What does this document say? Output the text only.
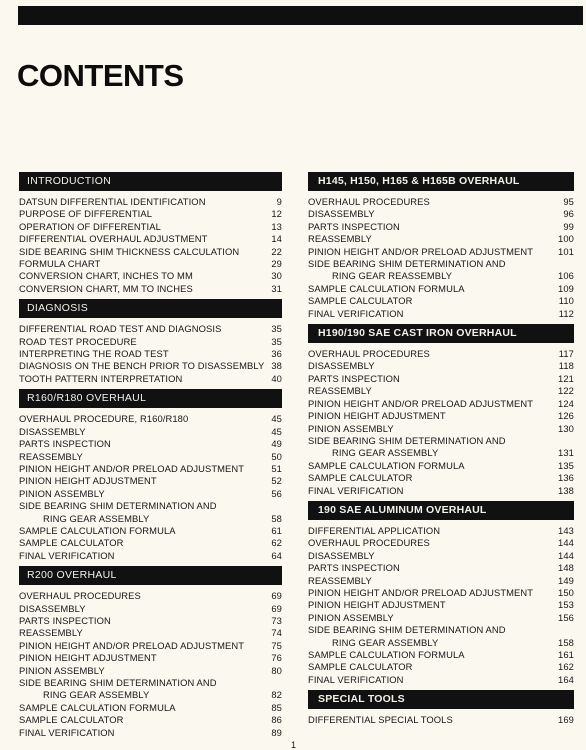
CONTENTS
INTRODUCTION
DATSUN DIFFERENTIAL IDENTIFICATION	9
PURPOSE OF DIFFERENTIAL	12
OPERATION OF DIFFERENTIAL	13
DIFFERENTIAL OVERHAUL ADJUSTMENT	14
SIDE BEARING SHIM THICKNESS CALCULATION	22
FORMULA CHART	29
CONVERSION CHART, INCHES TO MM	30
CONVERSION CHART, MM TO INCHES	31
DIAGNOSIS
DIFFERENTIAL ROAD TEST AND DIAGNOSIS	35
ROAD TEST PROCEDURE	35
INTERPRETING THE ROAD TEST	36
DIAGNOSIS ON THE BENCH PRIOR TO DISASSEMBLY 38
TOOTH PATTERN INTERPRETATION	40
R160/R180 OVERHAUL
OVERHAUL PROCEDURE, R160/R180	45
DISASSEMBLY	45
PARTS INSPECTION	49
REASSEMBLY	50
PINION HEIGHT AND/OR PRELOAD ADJUSTMENT	51
PINION HEIGHT ADJUSTMENT	52
PINION ASSEMBLY	56
SIDE BEARING SHIM DETERMINATION AND
RING GEAR ASSEMBLY	58
SAMPLE CALCULATION FORMULA	61
SAMPLE CALCULATOR	62
FINAL VERIFICATION	64
R200 OVERHAUL
OVERHAUL PROCEDURES	69
DISASSEMBLY	69
PARTS INSPECTION	73
REASSEMBLY	74
PINION HEIGHT AND/OR PRELOAD ADJUSTMENT	75
PINION HEIGHT ADJUSTMENT	76
PINION ASSEMBLY	80
SIDE BEARING SHIM DETERMINATION AND
RING GEAR ASSEMBLY	82
SAMPLE CALCULATION FORMULA	85
SAMPLE CALCULATOR	86
FINAL VERIFICATION	89
H145, H150, H165 & H165B OVERHAUL
OVERHAUL PROCEDURES	95
DISASSEMBLY	96
PARTS INSPECTION	99
REASSEMBLY	100
PINION HEIGHT AND/OR PRELOAD ADJUSTMENT	101
SIDE BEARING SHIM DETERMINATION AND
RING GEAR REASSEMBLY	106
SAMPLE CALCULATION FORMULA	109
SAMPLE CALCULATOR	110
FINAL VERIFICATION	112
H190/190 SAE CAST IRON OVERHAUL
OVERHAUL PROCEDURES	117
DISASSEMBLY	118
PARTS INSPECTION	121
REASSEMBLY	122
PINION HEIGHT AND/OR PRELOAD ADJUSTMENT	124
PINION HEIGHT ADJUSTMENT	126
PINION ASSEMBLY	130
SIDE BEARING SHIM DETERMINATION AND
RING GEAR ASSEMBLY	131
SAMPLE CALCULATION FORMULA	135
SAMPLE CALCULATOR	136
FINAL VERIFICATION	138
190 SAE ALUMINUM OVERHAUL
DIFFERENTIAL APPLICATION	143
OVERHAUL PROCEDURES	144
DISASSEMBLY	144
PARTS INSPECTION	148
REASSEMBLY	149
PINION HEIGHT AND/OR PRELOAD ADJUSTMENT	150
PINION HEIGHT ADJUSTMENT	153
PINION ASSEMBLY	156
SIDE BEARING SHIM DETERMINATION AND
RING GEAR ASSEMBLY	158
SAMPLE CALCULATION FORMULA	161
SAMPLE CALCULATOR	162
FINAL VERIFICATION	164
SPECIAL TOOLS
DIFFERENTIAL SPECIAL TOOLS	169
1
